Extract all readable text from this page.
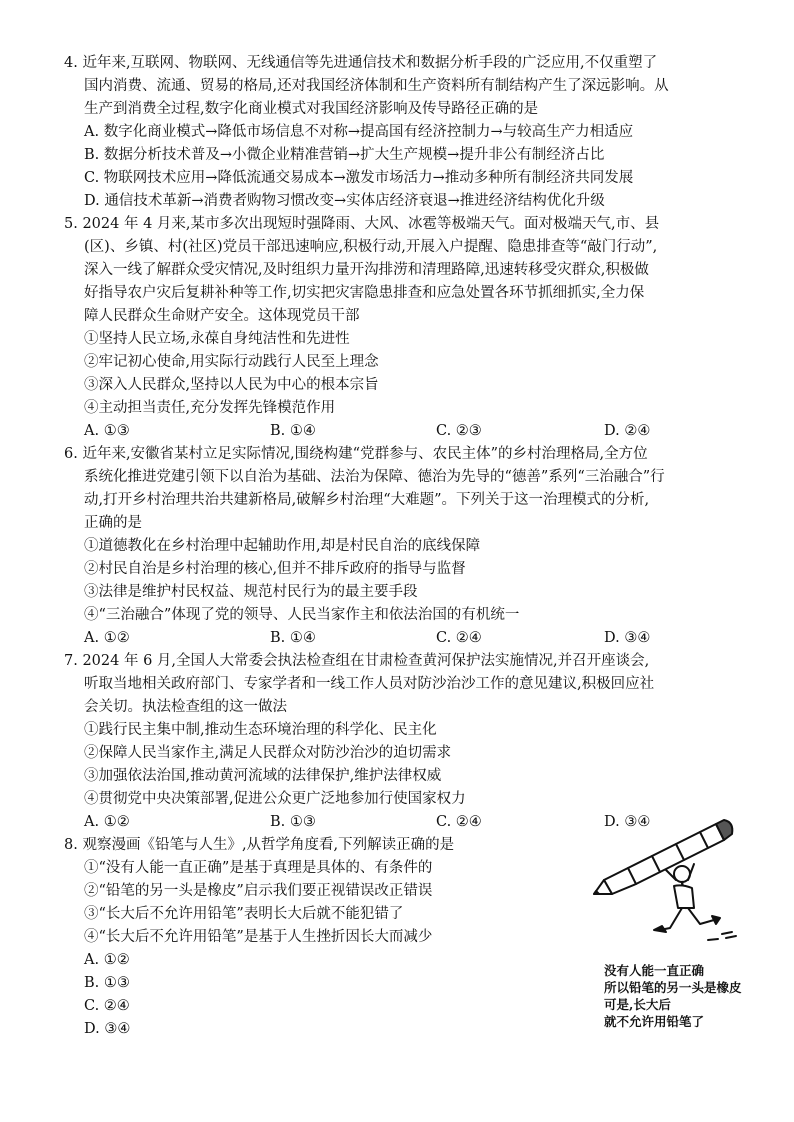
4. 近年来,互联网、物联网、无线通信等先进通信技术和数据分析手段的广泛应用,不仅重塑了
国内消费、流通、贸易的格局,还对我国经济体制和生产资料所有制结构产生了深远影响。从
生产到消费全过程,数字化商业模式对我国经济影响及传导路径正确的是
A. 数字化商业模式→降低市场信息不对称→提高国有经济控制力→与较高生产力相适应
B. 数据分析技术普及→小微企业精准营销→扩大生产规模→提升非公有制经济占比
C. 物联网技术应用→降低流通交易成本→激发市场活力→推动多种所有制经济共同发展
D. 通信技术革新→消费者购物习惯改变→实体店经济衰退→推进经济结构优化升级
5. 2024 年 4 月来,某市多次出现短时强降雨、大风、冰雹等极端天气。面对极端天气,市、县
(区)、乡镇、村(社区)党员干部迅速响应,积极行动,开展入户提醒、隐患排查等“敲门行动”,
深入一线了解群众受灾情况,及时组织力量开沟排涝和清理路障,迅速转移受灾群众,积极做
好指导农户灾后复耕补种等工作,切实把灾害隐患排查和应急处置各环节抓细抓实,全力保
障人民群众生命财产安全。这体现党员干部
①坚持人民立场,永葆自身纯洁性和先进性
②牢记初心使命,用实际行动践行人民至上理念
③深入人民群众,坚持以人民为中心的根本宗旨
④主动担当责任,充分发挥先锋模范作用
A. ①③	B. ①④	C. ②③	D. ②④
6. 近年来,安徽省某村立足实际情况,围绕构建“党群参与、农民主体”的乡村治理格局,全方位
系统化推进党建引领下以自治为基础、法治为保障、德治为先导的“德善”系列“三治融合”行
动,打开乡村治理共治共建新格局,破解乡村治理“大难题”。下列关于这一治理模式的分析,
正确的是
①道德教化在乡村治理中起辅助作用,却是村民自治的底线保障
②村民自治是乡村治理的核心,但并不排斥政府的指导与监督
③法律是维护村民权益、规范村民行为的最主要手段
④“三治融合”体现了党的领导、人民当家作主和依法治国的有机统一
A. ①②	B. ①④	C. ②④	D. ③④
7. 2024 年 6 月,全国人大常委会执法检查组在甘肃检查黄河保护法实施情况,并召开座谈会,
听取当地相关政府部门、专家学者和一线工作人员对防沙治沙工作的意见建议,积极回应社
会关切。执法检查组的这一做法
①践行民主集中制,推动生态环境治理的科学化、民主化
②保障人民当家作主,满足人民群众对防沙治沙的迫切需求
③加强依法治国,推动黄河流域的法律保护,维护法律权威
④贯彻党中央决策部署,促进公众更广泛地参加行使国家权力
A. ①②	B. ①③	C. ②④	D. ③④
8. 观察漫画《铅笔与人生》,从哲学角度看,下列解读正确的是
①“没有人能一直正确”是基于真理是具体的、有条件的
②“铅笔的另一头是橡皮”启示我们要正视错误改正错误
③“长大后不允许用铅笔”表明长大后就不能犯错了
④“长大后不允许用铅笔”是基于人生挫折因长大而减少
A. ①②
B. ①③
C. ②④
D. ③④
没有人能一直正确
所以铅笔的另一头是橡皮
可是,长大后
就不允许用铅笔了
